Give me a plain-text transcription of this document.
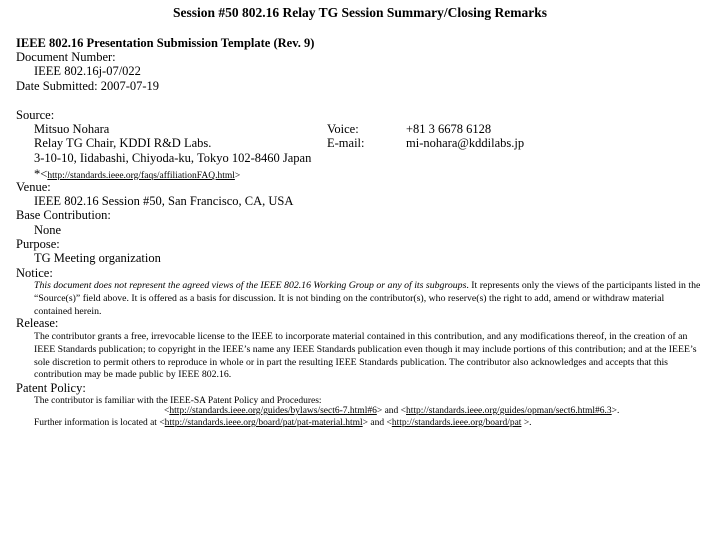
Session #50 802.16 Relay TG Session Summary/Closing Remarks
IEEE 802.16 Presentation Submission Template (Rev. 9)
Document Number:
IEEE 802.16j-07/022
Date Submitted: 2007-07-19
Source:
Mitsuo Nohara
Relay TG Chair, KDDI R&D Labs.
3-10-10, Iidabashi, Chiyoda-ku, Tokyo 102-8460 Japan
Voice:
E-mail:
+81 3 6678 6128
mi-nohara@kddilabs.jp
*<http://standards.ieee.org/faqs/affiliationFAQ.html>
Venue:
IEEE 802.16 Session #50, San Francisco, CA, USA
Base Contribution:
None
Purpose:
TG Meeting organization
Notice:
This document does not represent the agreed views of the IEEE 802.16 Working Group or any of its subgroups. It represents only the views of the participants listed in the “Source(s)” field above. It is offered as a basis for discussion. It is not binding on the contributor(s), who reserve(s) the right to add, amend or withdraw material contained herein.
Release:
The contributor grants a free, irrevocable license to the IEEE to incorporate material contained in this contribution, and any modifications thereof, in the creation of an IEEE Standards publication; to copyright in the IEEE’s name any IEEE Standards publication even though it may include portions of this contribution; and at the IEEE’s sole discretion to permit others to reproduce in whole or in part the resulting IEEE Standards publication. The contributor also acknowledges and accepts that this contribution may be made public by IEEE 802.16.
Patent Policy:
The contributor is familiar with the IEEE-SA Patent Policy and Procedures:
<http://standards.ieee.org/guides/bylaws/sect6-7.html#6> and <http://standards.ieee.org/guides/opman/sect6.html#6.3>.
Further information is located at <http://standards.ieee.org/board/pat/pat-material.html> and <http://standards.ieee.org/board/pat >.
